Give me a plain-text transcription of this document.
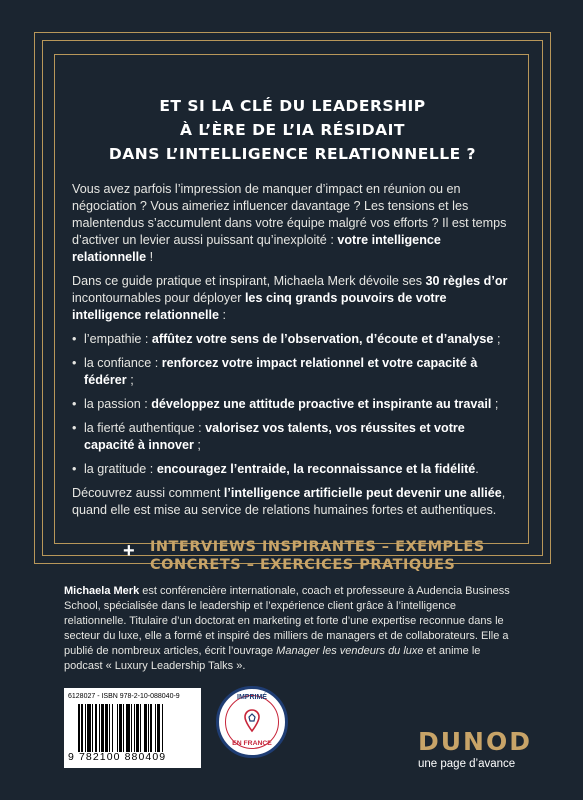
ET SI LA CLÉ DU LEADERSHIP
À L’ÈRE DE L’IA RÉSIDAIT
DANS L’INTELLIGENCE RELATIONNELLE ?

Vous avez parfois l’impression de manquer d’impact en réunion ou en négociation ? Vous aimeriez influencer davantage ? Les tensions et les malentendus s’accumulent dans votre équipe malgré vos efforts ? Il est temps d’activer un levier aussi puissant qu’inexploité : votre intelligence relationnelle !

Dans ce guide pratique et inspirant, Michaela Merk dévoile ses 30 règles d’or incontournables pour déployer les cinq grands pouvoirs de votre intelligence relationnelle :

• l’empathie : affûtez votre sens de l’observation, d’écoute et d’analyse ;
• la confiance : renforcez votre impact relationnel et votre capacité à fédérer ;
• la passion : développez une attitude proactive et inspirante au travail ;
• la fierté authentique : valorisez vos talents, vos réussites et votre capacité à innover ;
• la gratitude : encouragez l’entraide, la reconnaissance et la fidélité.

Découvrez aussi comment l’intelligence artificielle peut devenir une alliée, quand elle est mise au service de relations humaines fortes et authentiques.

+ INTERVIEWS INSPIRANTES – EXEMPLES
CONCRETS – EXERCICES PRATIQUES
Michaela Merk est conférencière internationale, coach et professeure à Audencia Business School, spécialisée dans le leadership et l’expérience client grâce à l’intelligence relationnelle. Titulaire d’un doctorat en marketing et forte d’une expertise reconnue dans le secteur du luxe, elle a formé et inspiré des milliers de managers et de collaborateurs. Elle a publié de nombreux articles, écrit l’ouvrage Manager les vendeurs du luxe et anime le podcast « Luxury Leadership Talks ».
6128027 - ISBN 978-2-10-088040-9
9 782100 880409
IMPRIMÉ
EN FRANCE	DUNOD
une page d’avance
